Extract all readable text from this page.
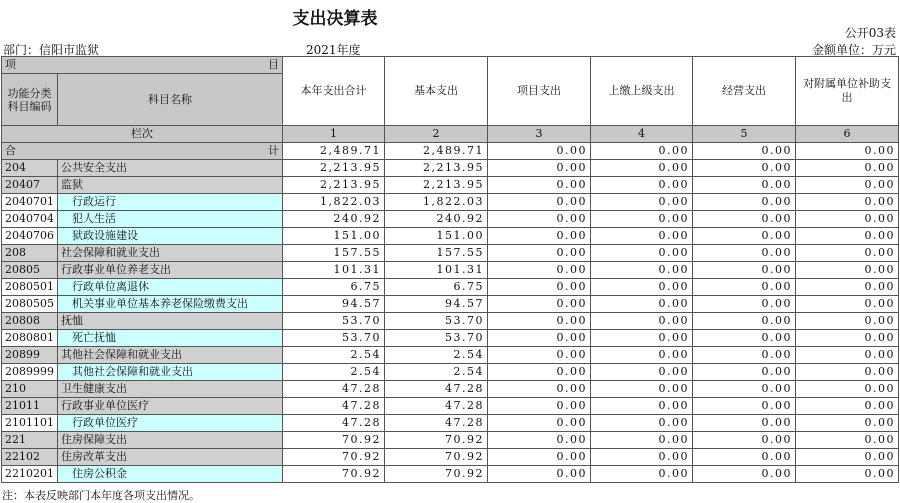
支出决算表
公开03表
部门：信阳市监狱	2021年度	金额单位：万元
项 目		本年支出合计	基本支出	项目支出	上缴上级支出	经营支出	对附属单位补助支出
功能分类科目编码	科目名称						
栏次		1	2	3	4	5	6
合 计		2,489.71	2,489.71	0.00	0.00	0.00	0.00
204	公共安全支出	2,213.95	2,213.95	0.00	0.00	0.00	0.00
20407	监狱	2,213.95	2,213.95	0.00	0.00	0.00	0.00
2040701	行政运行	1,822.03	1,822.03	0.00	0.00	0.00	0.00
2040704	犯人生活	240.92	240.92	0.00	0.00	0.00	0.00
2040706	狱政设施建设	151.00	151.00	0.00	0.00	0.00	0.00
208	社会保障和就业支出	157.55	157.55	0.00	0.00	0.00	0.00
20805	行政事业单位养老支出	101.31	101.31	0.00	0.00	0.00	0.00
2080501	行政单位离退休	6.75	6.75	0.00	0.00	0.00	0.00
2080505	机关事业单位基本养老保险缴费支出	94.57	94.57	0.00	0.00	0.00	0.00
20808	抚恤	53.70	53.70	0.00	0.00	0.00	0.00
2080801	死亡抚恤	53.70	53.70	0.00	0.00	0.00	0.00
20899	其他社会保障和就业支出	2.54	2.54	0.00	0.00	0.00	0.00
2089999	其他社会保障和就业支出	2.54	2.54	0.00	0.00	0.00	0.00
210	卫生健康支出	47.28	47.28	0.00	0.00	0.00	0.00
21011	行政事业单位医疗	47.28	47.28	0.00	0.00	0.00	0.00
2101101	行政单位医疗	47.28	47.28	0.00	0.00	0.00	0.00
221	住房保障支出	70.92	70.92	0.00	0.00	0.00	0.00
22102	住房改革支出	70.92	70.92	0.00	0.00	0.00	0.00
2210201	住房公积金	70.92	70.92	0.00	0.00	0.00	0.00
注：本表反映部门本年度各项支出情况。
